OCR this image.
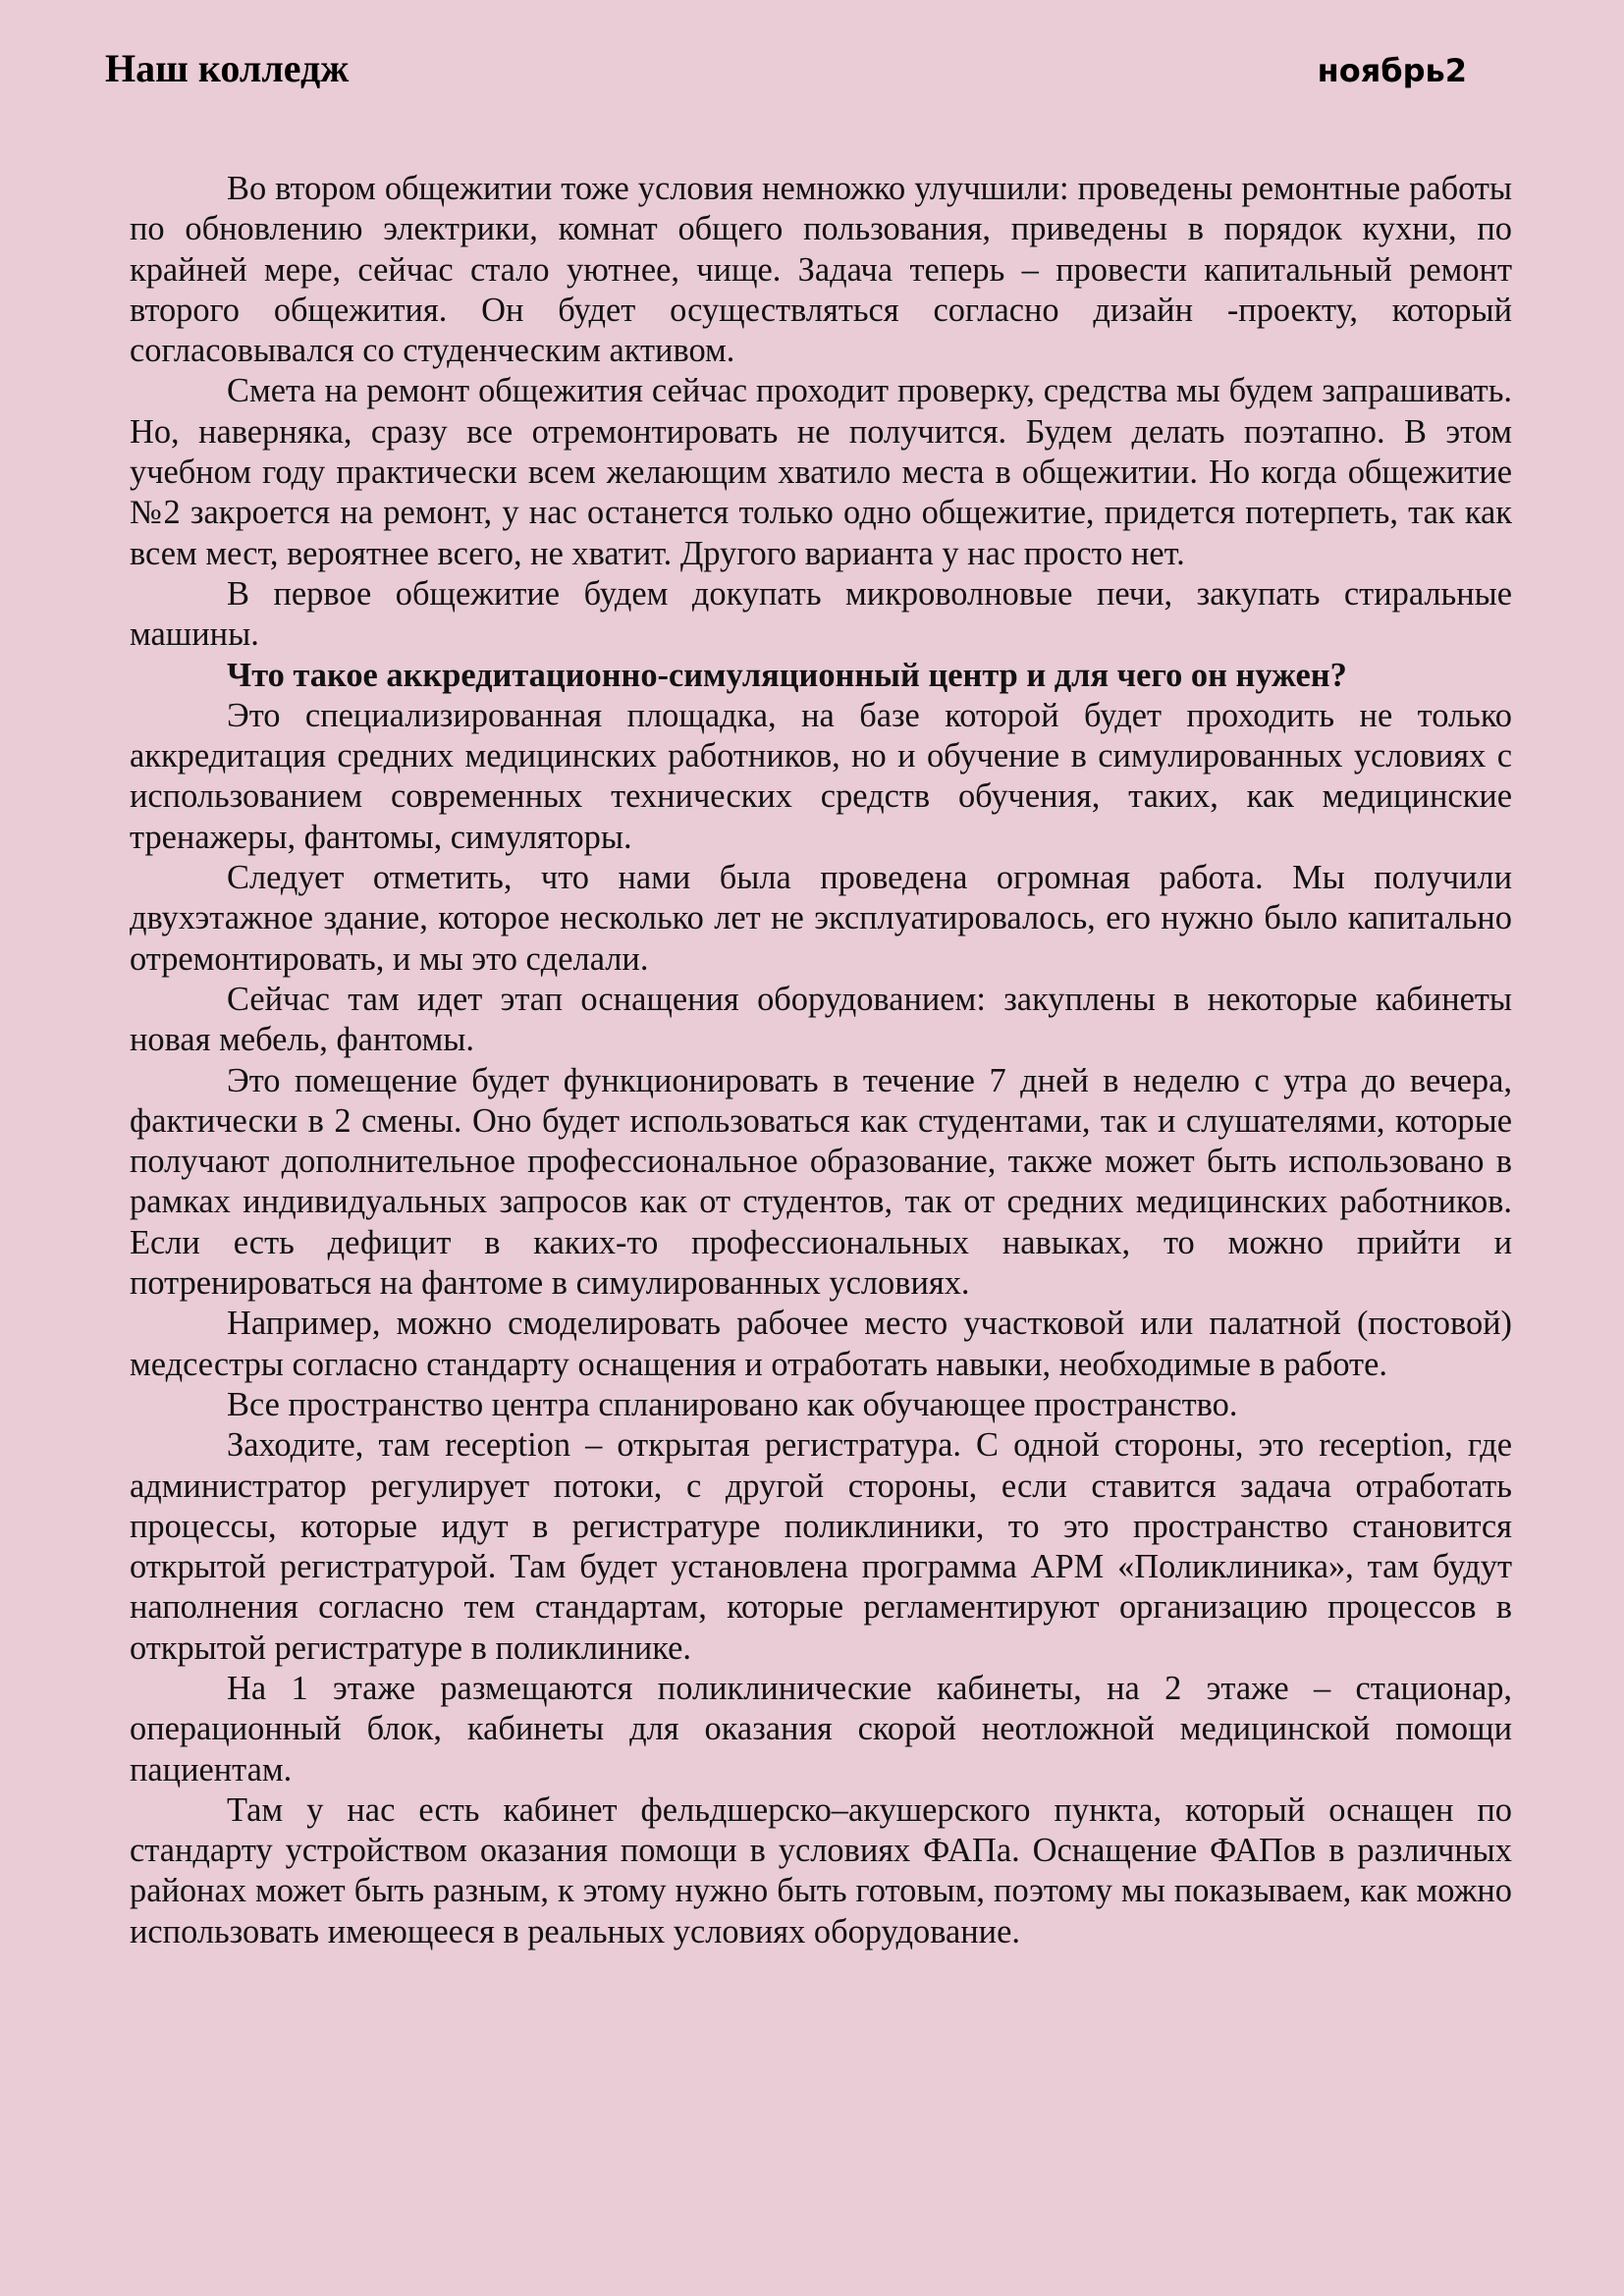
Наш колледж	ноябрь2

Во втором общежитии тоже условия немножко улучшили: проведены ремонтные работы по обновлению электрики, комнат общего пользования, приведены в порядок кухни, по крайней мере, сейчас стало уютнее, чище. Задача теперь – провести капитальный ремонт второго общежития. Он будет осуществляться согласно дизайн -проекту, который согласовывался со студенческим активом.

Смета на ремонт общежития сейчас проходит проверку, средства мы будем запрашивать. Но, наверняка, сразу все отремонтировать не получится. Будем делать поэтапно. В этом учебном году практически всем желающим хватило места в общежитии. Но когда общежитие №2 закроется на ремонт, у нас останется только одно общежитие, придется потерпеть, так как всем мест, вероятнее всего, не хватит. Другого варианта у нас просто нет.

В первое общежитие будем докупать микроволновые печи, закупать стиральные машины.

Что такое аккредитационно-симуляционный центр и для чего он нужен?

Это специализированная площадка, на базе которой будет проходить не только аккредитация средних медицинских работников, но и обучение в симулированных условиях с использованием современных технических средств обучения, таких, как медицинские тренажеры, фантомы, симуляторы.

Следует отметить, что нами была проведена огромная работа. Мы получили двухэтажное здание, которое несколько лет не эксплуатировалось, его нужно было капитально отремонтировать, и мы это сделали.

Сейчас там идет этап оснащения оборудованием: закуплены в некоторые кабинеты новая мебель, фантомы.

Это помещение будет функционировать в течение 7 дней в неделю с утра до вечера, фактически в 2 смены. Оно будет использоваться как студентами, так и слушателями, которые получают дополнительное профессиональное образование, также может быть использовано в рамках индивидуальных запросов как от студентов, так от средних медицинских работников. Если есть дефицит в каких-то профессиональных навыках, то можно прийти и потренироваться на фантоме в симулированных условиях.

Например, можно смоделировать рабочее место участковой или палатной (постовой) медсестры согласно стандарту оснащения и отработать навыки, необходимые в работе.

Все пространство центра спланировано как обучающее пространство.

Заходите, там reception – открытая регистратура. С одной стороны, это reception, где администратор регулирует потоки, с другой стороны, если ставится задача отработать процессы, которые идут в регистратуре поликлиники, то это пространство становится открытой регистратурой. Там будет установлена программа АРМ «Поликлиника», там будут наполнения согласно тем стандартам, которые регламентируют организацию процессов в открытой регистратуре в поликлинике.

На 1 этаже размещаются поликлинические кабинеты, на 2 этаже – стационар, операционный блок, кабинеты для оказания скорой неотложной медицинской помощи пациентам.

Там у нас есть кабинет фельдшерско–акушерского пункта, который оснащен по стандарту устройством оказания помощи в условиях ФАПа. Оснащение ФАПов в различных районах может быть разным, к этому нужно быть готовым, поэтому мы показываем, как можно использовать имеющееся в реальных условиях оборудование.
